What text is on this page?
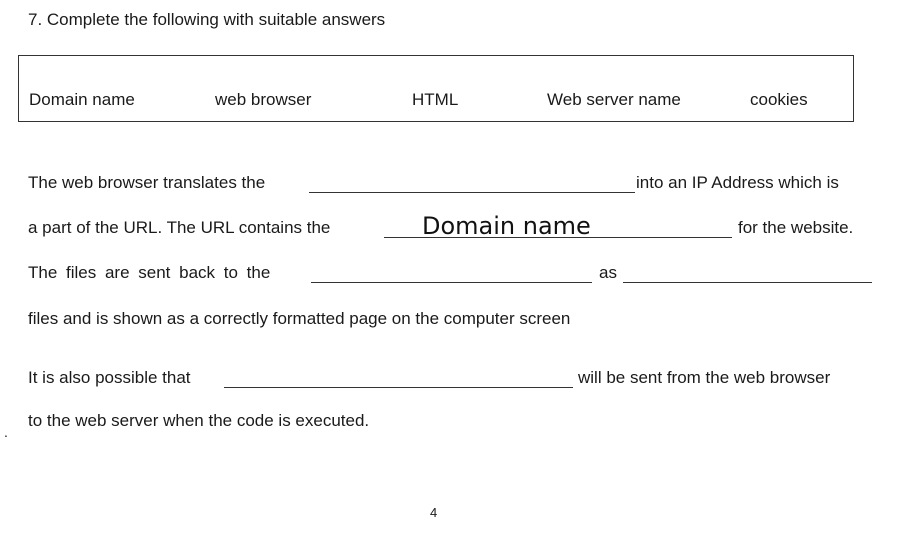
7. Complete the following with suitable answers
Domain name	web browser	HTML	Web server name	cookies
The web browser translates the	into an IP Address which is
a part of the URL. The URL contains the	Domain name	for the website.
The files are sent back to the	as
files and is shown as a correctly formatted page on the computer screen
It is also possible that	will be sent from the web browser
to the web server when the code is executed.
.
4
